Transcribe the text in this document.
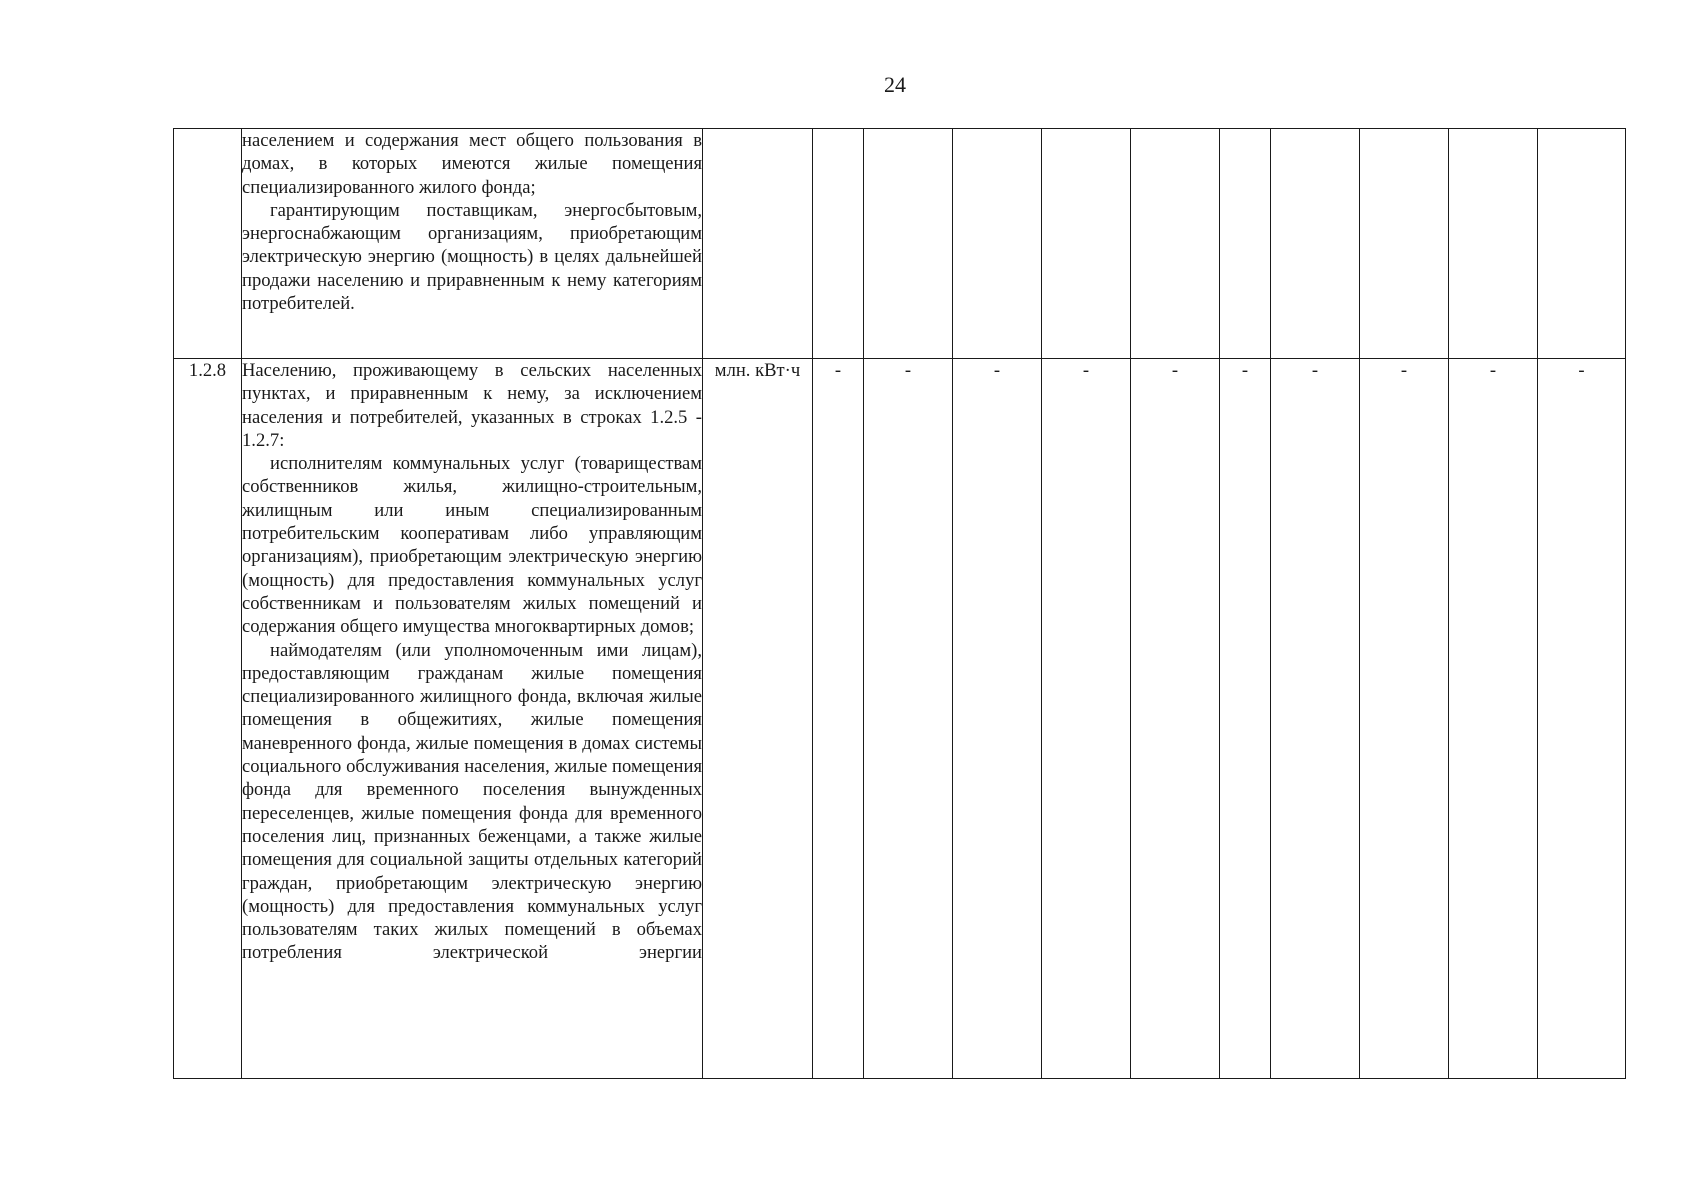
24

	населением и содержания мест общего пользования в домах, в которых имеются жилые помещения специализированного жилого фонда;

гарантирующим поставщикам, энергосбытовым, энергоснабжающим организациям, приобретающим электрическую энергию (мощность) в целях дальнейшей продажи населению и приравненным к нему категориям потребителей.											

1.2.8	Населению, проживающему в сельских населенных пунктах, и приравненным к нему, за исключением населения и потребителей, указанных в строках 1.2.5 - 1.2.7:

исполнителям коммунальных услуг (товариществам собственников жилья, жилищно-строительным, жилищным или иным специализированным потребительским кооперативам либо управляющим организациям), приобретающим электрическую энергию (мощность) для предоставления коммунальных услуг собственникам и пользователям жилых помещений и содержания общего имущества многоквартирных домов;

наймодателям (или уполномоченным ими лицам), предоставляющим гражданам жилые помещения специализированного жилищного фонда, включая жилые помещения в общежитиях, жилые помещения маневренного фонда, жилые помещения в домах системы социального обслуживания населения, жилые помещения фонда для временного поселения вынужденных переселенцев, жилые помещения фонда для временного поселения лиц, признанных беженцами, а также жилые помещения для социальной защиты отдельных категорий граждан, приобретающим электрическую энергию (мощность) для предоставления коммунальных услуг пользователям таких жилых помещений в объемах потребления электрической энергии	млн. кВт·ч	-	-	-	-	-	-	-	-	-	-
